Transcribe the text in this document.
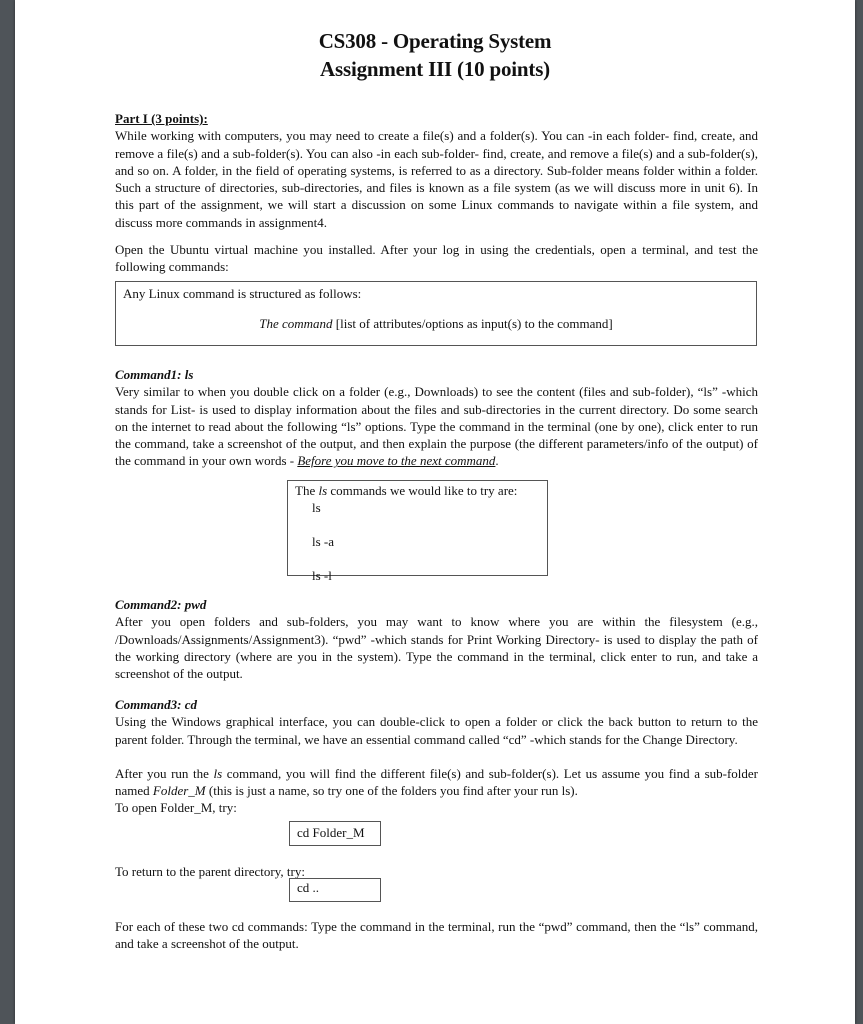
CS308 - Operating System
Assignment III (10 points)

Part I (3 points):

While working with computers, you may need to create a file(s) and a folder(s). You can -in each folder- find, create, and remove a file(s) and a sub-folder(s). You can also -in each sub-folder- find, create, and remove a file(s) and a sub-folder(s), and so on. A folder, in the field of operating systems, is referred to as a directory. Sub-folder means folder within a folder. Such a structure of directories, sub-directories, and files is known as a file system (as we will discuss more in unit 6). In this part of the assignment, we will start a discussion on some Linux commands to navigate within a file system, and discuss more commands in assignment4.

Open the Ubuntu virtual machine you installed. After your log in using the credentials, open a terminal, and test the following commands:

Any Linux command is structured as follows:
The command [list of attributes/options as input(s) to the command]

Command1: ls

Very similar to when you double click on a folder (e.g., Downloads) to see the content (files and sub-folder), “ls” -which stands for List- is used to display information about the files and sub-directories in the current directory. Do some search on the internet to read about the following “ls” options. Type the command in the terminal (one by one), click enter to run the command, take a screenshot of the output, and then explain the purpose (the different parameters/info of the output) of the command in your own words - Before you move to the next command.

The ls commands we would like to try are:
ls
ls -a
ls -l

Command2: pwd

After you open folders and sub-folders, you may want to know where you are within the filesystem (e.g., /Downloads/Assignments/Assignment3). “pwd” -which stands for Print Working Directory- is used to display the path of the working directory (where are you in the system). Type the command in the terminal, click enter to run, and take a screenshot of the output.

Command3: cd

Using the Windows graphical interface, you can double-click to open a folder or click the back button to return to the parent folder. Through the terminal, we have an essential command called “cd” -which stands for the Change Directory.

After you run the ls command, you will find the different file(s) and sub-folder(s). Let us assume you find a sub-folder named Folder_M (this is just a name, so try one of the folders you find after your run ls).

To open Folder_M, try:

cd Folder_M
To return to the parent directory, try:
cd ..
For each of these two cd commands: Type the command in the terminal, run the “pwd” command, then the “ls” command, and take a screenshot of the output.
